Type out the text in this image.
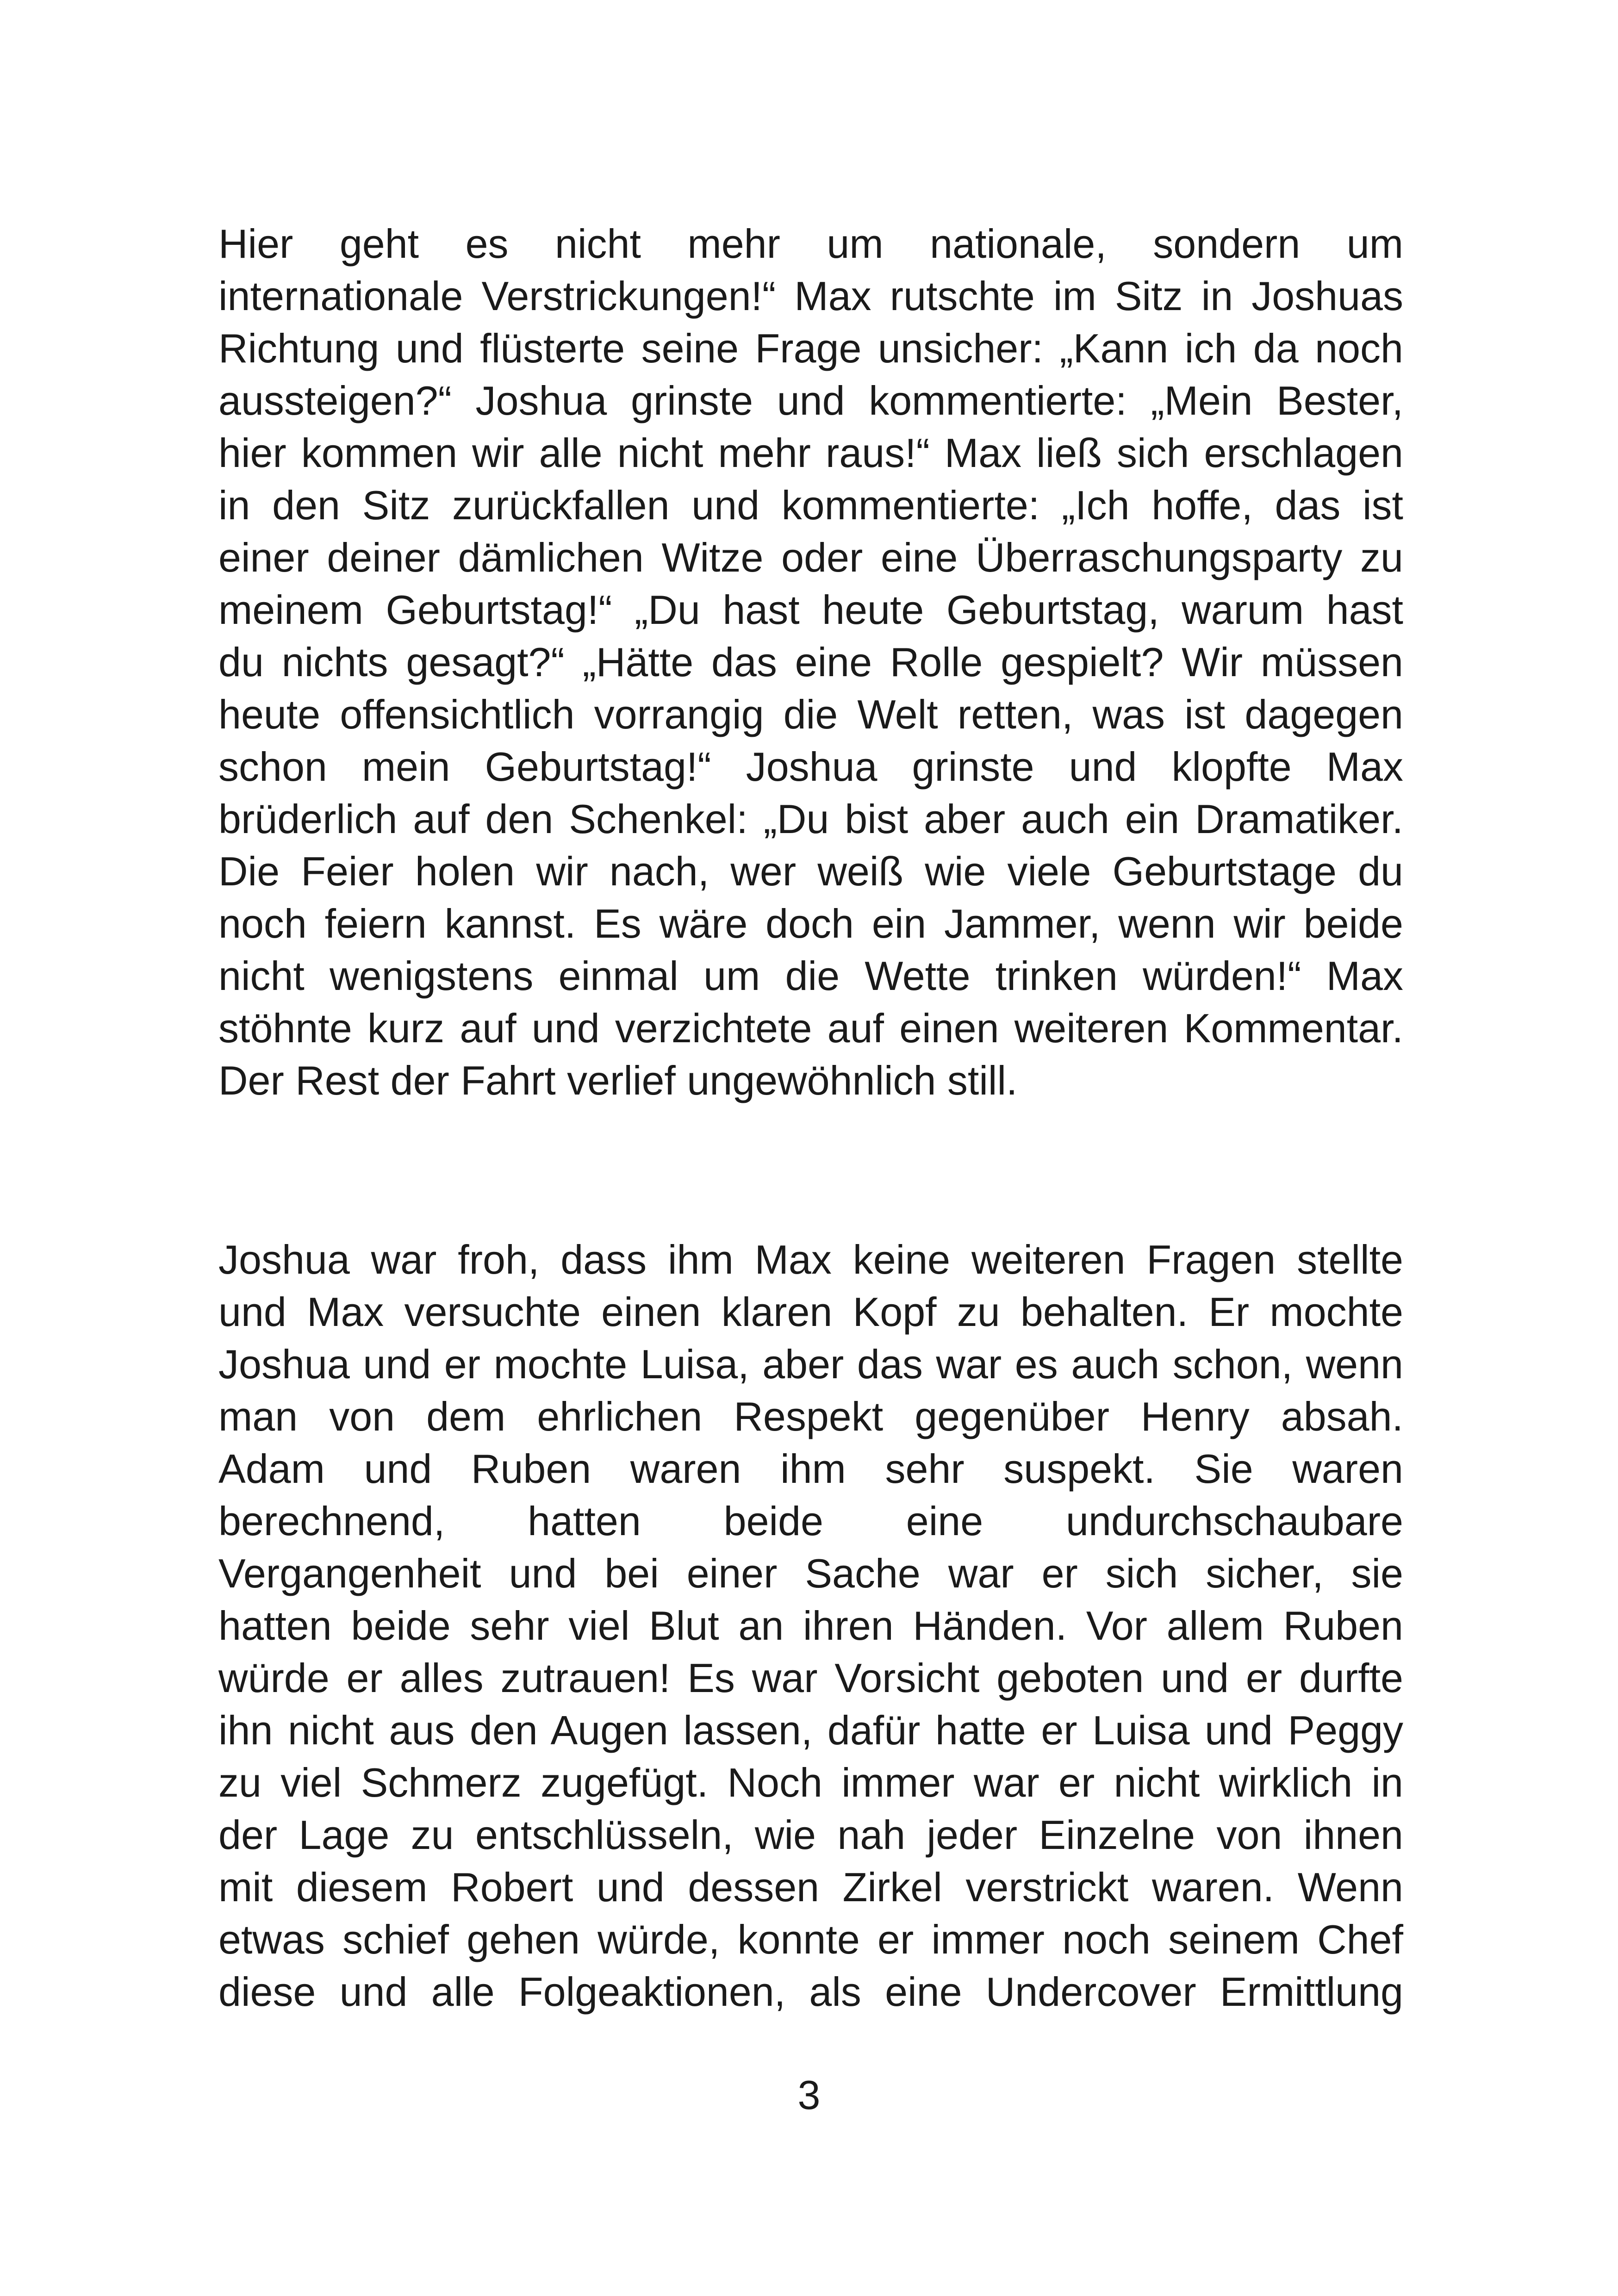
Hier geht es nicht mehr um nationale, sondern um
internationale Verstrickungen!“ Max rutschte im Sitz in Joshuas
Richtung und flüsterte seine Frage unsicher: „Kann ich da noch
aussteigen?“ Joshua grinste und kommentierte: „Mein Bester,
hier kommen wir alle nicht mehr raus!“ Max ließ sich erschlagen
in den Sitz zurückfallen und kommentierte: „Ich hoffe, das ist
einer deiner dämlichen Witze oder eine Überraschungsparty zu
meinem Geburtstag!“ „Du hast heute Geburtstag, warum hast
du nichts gesagt?“ „Hätte das eine Rolle gespielt? Wir müssen
heute offensichtlich vorrangig die Welt retten, was ist dagegen
schon mein Geburtstag!“ Joshua grinste und klopfte Max
brüderlich auf den Schenkel: „Du bist aber auch ein Dramatiker.
Die Feier holen wir nach, wer weiß wie viele Geburtstage du
noch feiern kannst. Es wäre doch ein Jammer, wenn wir beide
nicht wenigstens einmal um die Wette trinken würden!“ Max
stöhnte kurz auf und verzichtete auf einen weiteren Kommentar.
Der Rest der Fahrt verlief ungewöhnlich still.
Joshua war froh, dass ihm Max keine weiteren Fragen stellte
und Max versuchte einen klaren Kopf zu behalten. Er mochte
Joshua und er mochte Luisa, aber das war es auch schon, wenn
man von dem ehrlichen Respekt gegenüber Henry absah.
Adam und Ruben waren ihm sehr suspekt. Sie waren
berechnend, hatten beide eine undurchschaubare
Vergangenheit und bei einer Sache war er sich sicher, sie
hatten beide sehr viel Blut an ihren Händen. Vor allem Ruben
würde er alles zutrauen! Es war Vorsicht geboten und er durfte
ihn nicht aus den Augen lassen, dafür hatte er Luisa und Peggy
zu viel Schmerz zugefügt. Noch immer war er nicht wirklich in
der Lage zu entschlüsseln, wie nah jeder Einzelne von ihnen
mit diesem Robert und dessen Zirkel verstrickt waren. Wenn
etwas schief gehen würde, konnte er immer noch seinem Chef
diese und alle Folgeaktionen, als eine Undercover Ermittlung
3
